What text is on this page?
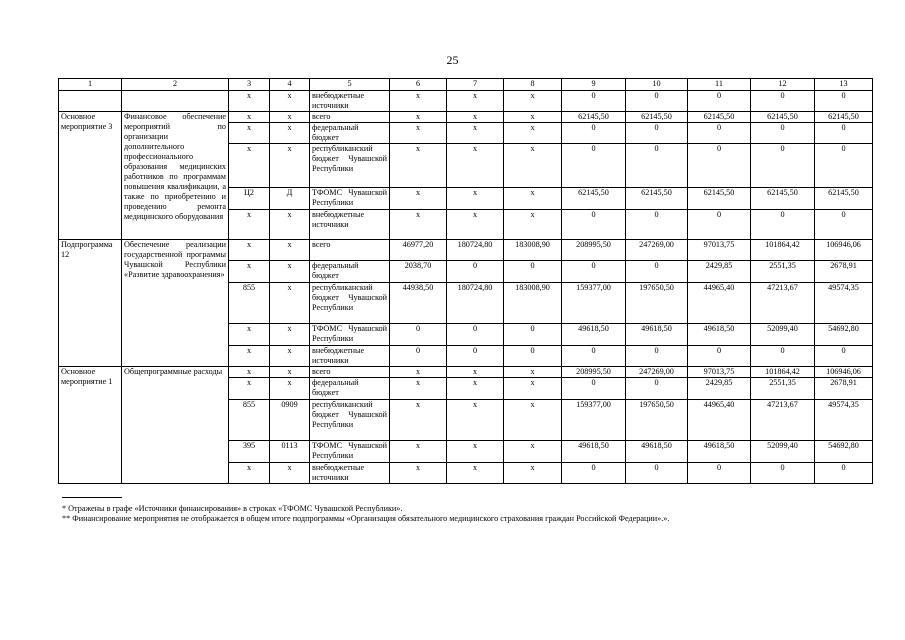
25
1	2	3	4	5	6	7	8	9	10	11	12	13
		x	x	внебюджетные источники	x	x	x	0	0	0	0	0
Основное мероприятие 3	Финансовое обеспечение мероприятий по организации дополнительного профессионального образования медицинских работников по программам повышения квалификации, а также по приобретению и проведению ремонта медицинского оборудования	x	x	всего	x	x	x	62145,50	62145,50	62145,50	62145,50	62145,50
		x	x	федеральный бюджет	x	x	x	0	0	0	0	0
		x	x	республиканский бюджет Чувашской Республики	x	x	x	0	0	0	0	0
		Ц2	Д	ТФОМС Чувашской Республики	x	x	x	62145,50	62145,50	62145,50	62145,50	62145,50
		x	x	внебюджетные источники	x	x	x	0	0	0	0	0
Подпрограмма 12	Обеспечение реализации государственной программы Чувашской Республики «Развитие здравоохранения»	x	x	всего	46977,20	180724,80	183008,90	208995,50	247269,00	97013,75	101864,42	106946,06
		x	x	федеральный бюджет	2038,70	0	0	0	0	2429,85	2551,35	2678,91
		855	x	республиканский бюджет Чувашской Республики	44938,50	180724,80	183008,90	159377,00	197650,50	44965,40	47213,67	49574,35
		x	x	ТФОМС Чувашской Республики	0	0	0	49618,50	49618,50	49618,50	52099,40	54692,80
		x	x	внебюджетные источники	0	0	0	0	0	0	0	0
Основное мероприятие 1	Общепрограммные расходы	x	x	всего	x	x	x	208995,50	247269,00	97013,75	101864,42	106946,06
		x	x	федеральный бюджет	x	x	x	0	0	2429,85	2551,35	2678,91
		855	0909	республиканский бюджет Чувашской Республики	x	x	x	159377,00	197650,50	44965,40	47213,67	49574,35
		395	0113	ТФОМС Чувашской Республики	x	x	x	49618,50	49618,50	49618,50	52099,40	54692,80
		x	x	внебюджетные источники	x	x	x	0	0	0	0	0
* Отражены в графе «Источники финансирования» в строках «ТФОМС Чувашской Республики».
** Финансирование мероприятия не отображается в общем итоге подпрограммы «Организация обязательного медицинского страхования граждан Российской Федерации».».
